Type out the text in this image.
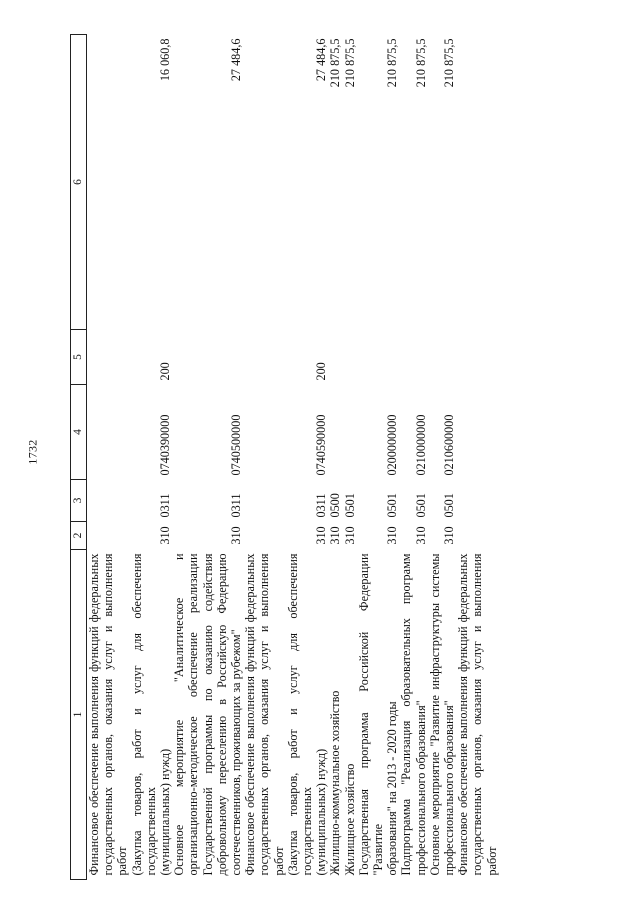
1732
1	2	3	4	5	6

Финансовое обеспечение выполнения функций федеральных государственных органов, оказания услуг и выполнения работ (Закупка товаров, работ и услуг для обеспечения государственных (муниципальных) нужд)	310	0311	0740390000	200	16 060,8

Основное мероприятие "Аналитическое и организационно-методическое обеспечение реализации Государственной программы по оказанию содействия добровольному переселению в Российскую Федерацию соотечественников, проживающих за рубежом"	310	0311	0740500000		27 484,6

Финансовое обеспечение выполнения функций федеральных государственных органов, оказания услуг и выполнения работ (Закупка товаров, работ и услуг для обеспечения государственных (муниципальных) нужд)	310	0311	0740590000	200	27 484,6

Жилищно-коммунальное хозяйство	310	0500			210 875,5

Жилищное хозяйство	310	0501			210 875,5

Государственная программа Российской Федерации "Развитие образования" на 2013 - 2020 годы	310	0501	0200000000		210 875,5

Подпрограмма "Реализация образовательных программ профессионального образования"	310	0501	0210000000		210 875,5

Основное мероприятие "Развитие инфраструктуры системы профессионального образования"	310	0501	0210600000		210 875,5

Финансовое обеспечение выполнения функций федеральных государственных органов, оказания услуг и выполнения работ					
